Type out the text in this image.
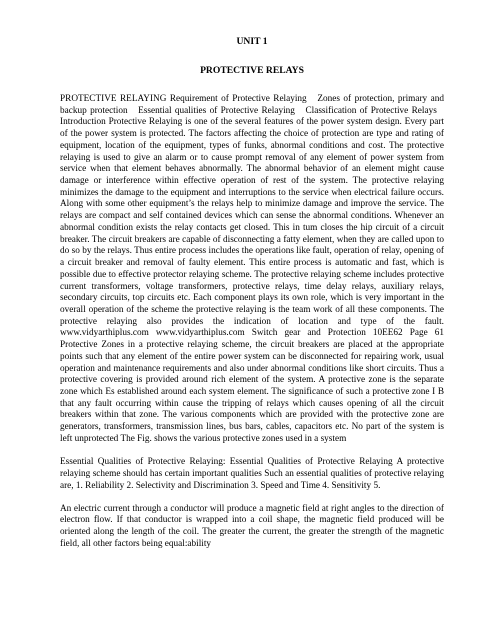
UNIT 1

PROTECTIVE RELAYS

PROTECTIVE RELAYING Requirement of Protective Relaying  Zones of protection, primary and backup protection  Essential qualities of Protective Relaying  Classification of Protective Relays  Introduction Protective Relaying is one of the several features of the power system design. Every part of the power system is protected. The factors affecting the choice of protection are type and rating of equipment, location of the equipment, types of funks, abnormal conditions and cost. The protective relaying is used to give an alarm or to cause prompt removal of any element of power system from service when that element behaves abnormally. The abnormal behavior of an element might cause damage or interference within effective operation of rest of the system. The protective relaying minimizes the damage to the equipment and interruptions to the service when electrical failure occurs. Along with some other equipment’s the relays help to minimize damage and improve the service. The relays are compact and self contained devices which can sense the abnormal conditions. Whenever an abnormal condition exists the relay contacts get closed. This in tum closes the hip circuit of a circuit breaker. The circuit breakers are capable of disconnecting a fatty element, when they are called upon to do so by the relays. Thus entire process includes the operations like fault, operation of relay, opening of a circuit breaker and removal of faulty element. This entire process is automatic and fast, which is possible due to effective protector relaying scheme. The protective relaying scheme includes protective current transformers, voltage transformers, protective relays, time delay relays, auxiliary relays, secondary circuits, top circuits etc. Each component plays its own role, which is very important in the overall operation of the scheme the protective relaying is the team work of all these components. The protective relaying also provides the indication of location and type of the fault. www.vidyarthiplus.com www.vidyarthiplus.com Switch gear and Protection 10EE62 Page 61 Protective Zones in a protective relaying scheme, the circuit breakers are placed at the appropriate points such that any element of the entire power system can be disconnected for repairing work, usual operation and maintenance requirements and also under abnormal conditions like short circuits. Thus a protective covering is provided around rich element of the system. A protective zone is the separate zone which Es established around each system element. The significance of such a protective zone I B that any fault occurring within cause the tripping of relays which causes opening of all the circuit breakers within that zone. The various components which are provided with the protective zone are generators, transformers, transmission lines, bus bars, cables, capacitors etc. No part of the system is left unprotected The Fig. shows the various protective zones used in a system

Essential Qualities of Protective Relaying: Essential Qualities of Protective Relaying A protective relaying scheme should has certain important qualities Such an essential qualities of protective relaying are, 1. Reliability 2. Selectivity and Discrimination 3. Speed and Time 4. Sensitivity 5.

An electric current through a conductor will produce a magnetic field at right angles to the direction of electron flow. If that conductor is wrapped into a coil shape, the magnetic field produced will be oriented along the length of the coil. The greater the current, the greater the strength of the magnetic field, all other factors being equal:ability
